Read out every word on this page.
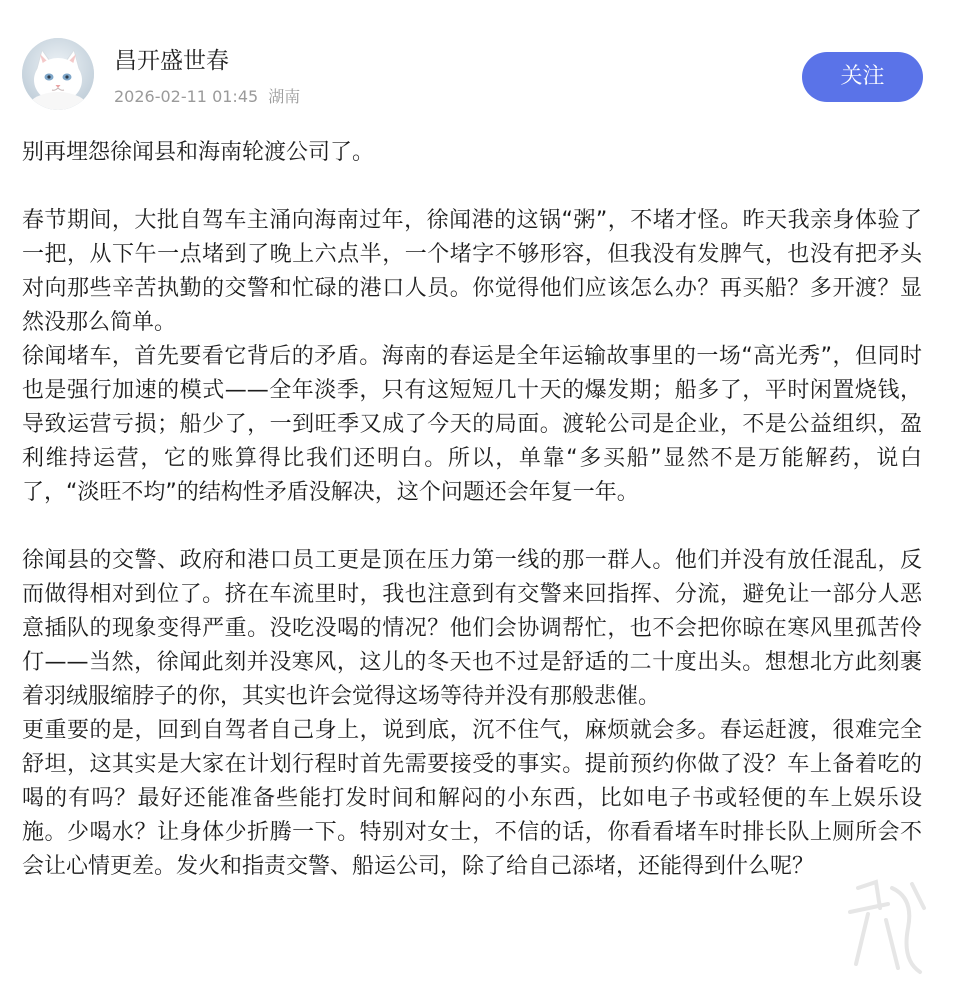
昌开盛世春
2026-02-11 01:45 湖南
关注

别再埋怨徐闻县和海南轮渡公司了。

春节期间，大批自驾车主涌向海南过年，徐闻港的这锅“粥”，不堵才怪。昨天我亲身体验了一把，从下午一点堵到了晚上六点半，一个堵字不够形容，但我没有发脾气，也没有把矛头对向那些辛苦执勤的交警和忙碌的港口人员。你觉得他们应该怎么办？再买船？多开渡？显然没那么简单。

徐闻堵车，首先要看它背后的矛盾。海南的春运是全年运输故事里的一场“高光秀”，但同时也是强行加速的模式——全年淡季，只有这短短几十天的爆发期；船多了，平时闲置烧钱，导致运营亏损；船少了，一到旺季又成了今天的局面。渡轮公司是企业，不是公益组织，盈利维持运营，它的账算得比我们还明白。所以，单靠“多买船”显然不是万能解药，说白了，“淡旺不均”的结构性矛盾没解决，这个问题还会年复一年。

徐闻县的交警、政府和港口员工更是顶在压力第一线的那一群人。他们并没有放任混乱，反而做得相对到位了。挤在车流里时，我也注意到有交警来回指挥、分流，避免让一部分人恶意插队的现象变得严重。没吃没喝的情况？他们会协调帮忙，也不会把你晾在寒风里孤苦伶仃——当然，徐闻此刻并没寒风，这儿的冬天也不过是舒适的二十度出头。想想北方此刻裹着羽绒服缩脖子的你，其实也许会觉得这场等待并没有那般悲催。

更重要的是，回到自驾者自己身上，说到底，沉不住气，麻烦就会多。春运赶渡，很难完全舒坦，这其实是大家在计划行程时首先需要接受的事实。提前预约你做了没？车上备着吃的喝的有吗？最好还能准备些能打发时间和解闷的小东西，比如电子书或轻便的车上娱乐设施。少喝水？让身体少折腾一下。特别对女士，不信的话，你看看堵车时排长队上厕所会不会让心情更差。发火和指责交警、船运公司，除了给自己添堵，还能得到什么呢？
